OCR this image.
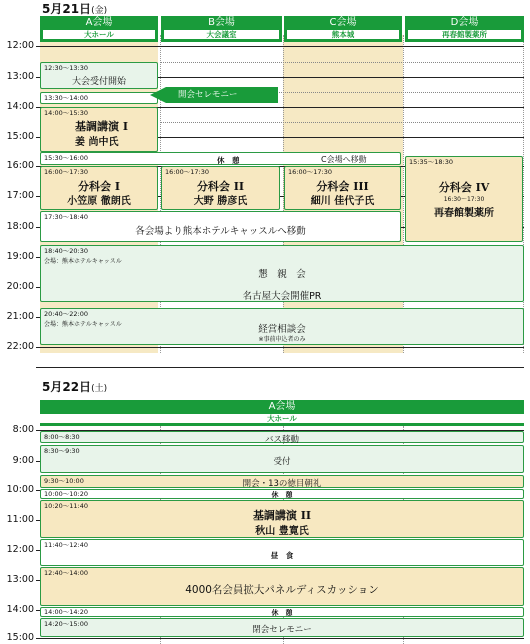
5月21日(金)
A会場
大ホール
B会場
大会議室
C会場
熊本城
D会場
再春館製薬所
12:00
13:00
14:00
15:00
16:00
17:00
18:00
19:00
20:00
21:00
22:00
12:30～13:30
大会受付開始
13:30～14:00	開会セレモニー
14:00～15:30
基調講演 I
姜 尚中氏
15:30～16:00	休　憩	C会場へ移動
16:00～17:30
分科会 I
小笠原 徹朗氏
16:00～17:30
分科会 II
大野 勝彦氏
16:00～17:30
分科会 III
細川 佳代子氏
15:35～18:30
分科会 IV
16:30～17:30
再春館製薬所
17:30～18:40
各会場より熊本ホテルキャッスルへ移動
18:40～20:30
会場：熊本ホテルキャッスル
懇　親　会
名古屋大会開催PR
20:40～22:00
会場：熊本ホテルキャッスル	経営相談会
※事前申込者のみ
5月22日(土)
A会場
大ホール
8:00
9:00
10:00
11:00
12:00
13:00
14:00
15:00
8:00～8:30	バス移動
8:30～9:30
受付
9:30～10:00	開会・13の徳目朝礼
10:00～10:20	休　憩
10:20～11:40
基調講演 II
秋山 豊寛氏
11:40～12:40
昼　食
12:40～14:00
4000名会員拡大パネルディスカッション
14:00～14:20	休　憩
14:20～15:00
閉会セレモニー
